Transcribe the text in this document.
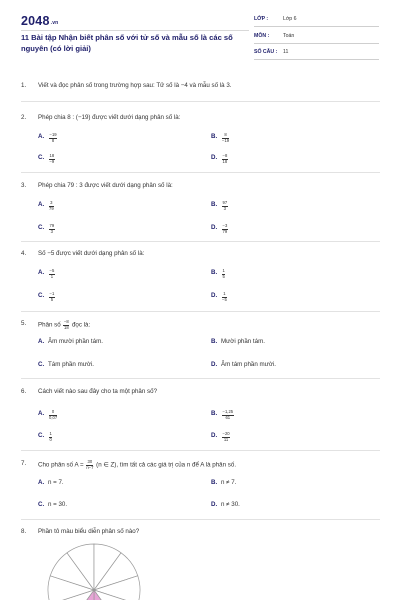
2048.vn
11 Bài tập Nhận biết phân số với tử số và mẫu số là các số nguyên (có lời giải)
LỚP :	Lớp 6
MÔN :	Toán
SỐ CÂU : 11
1. Viết và đọc phân số trong trường hợp sau: Tử số là −4 và mẫu số là 3.
2. Phép chia 8 : (−19) được viết dưới dạng phân số là:
A. $\frac{-19}{8}$	B. $\frac{8}{-19}$
C. $\frac{18}{-9}$	D. $\frac{-8}{18}$
3. Phép chia 79 : 3 được viết dưới dạng phân số là:
A. $\frac{3}{79}$	B. $\frac{97}{3}$
C. $\frac{79}{3}$	D. $\frac{-3}{79}$
4. Số −5 được viết dưới dạng phân số là:
A. $\frac{-5}{1}$	B. $\frac{1}{5}$
C. $\frac{-1}{5}$	D. $\frac{1}{-5}$
5. Phân số $\frac{-8}{18}$ đọc là:
A. Âm mười phần tám.	B. Mười phần tám.
C. Tám phần mười.	D. Âm tám phần mười.
6. Cách viết nào sau đây cho ta một phân số?
A. $\frac{0}{0,07}$	B. $\frac{-1,25}{61}$
C. $\frac{1}{0}$	D. $\frac{-20}{11}$
7. Cho phân số $A = \frac{30}{n-7} (n$ ∈ Z), tìm tất cả các giá trị của n để A là phân số.
A. n = 7.	B. n ≠ 7.
C. n = 30.	D. n ≠ 30.
8. Phần tô màu biểu diễn phân số nào?
